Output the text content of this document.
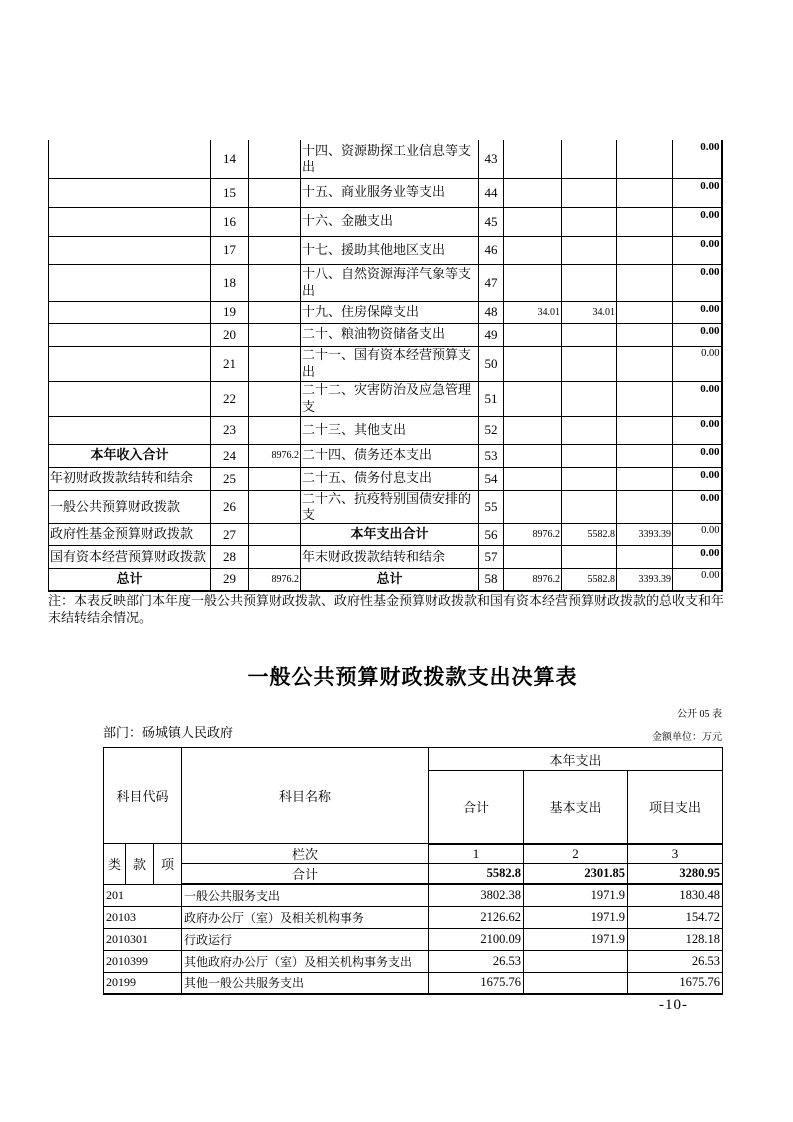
	14		十四、资源勘探工业信息等支出	43				0.00
	15		十五、商业服务业等支出	44				0.00
	16		十六、金融支出	45				0.00
	17		十七、援助其他地区支出	46				0.00
	18		十八、自然资源海洋气象等支出	47				0.00
	19		十九、住房保障支出	48	34.01	34.01		0.00
	20		二十、粮油物资储备支出	49				0.00
	21		二十一、国有资本经营预算支出	50				0.00
	22		二十二、灾害防治及应急管理支	51				0.00
	23		二十三、其他支出	52				0.00
本年收入合计	24	8976.2	二十四、债务还本支出	53				0.00
年初财政拨款结转和结余	25		二十五、债务付息支出	54				0.00
一般公共预算财政拨款	26		二十六、抗疫特别国债安排的支	55				0.00
政府性基金预算财政拨款	27		本年支出合计	56	8976.2	5582.8	3393.39	0.00
国有资本经营预算财政拨款	28		年末财政拨款结转和结余	57				0.00
总计	29	8976.2	总计	58	8976.2	5582.8	3393.39	0.00
注：本表反映部门本年度一般公共预算财政拨款、政府性基金预算财政拨款和国有资本经营预算财政拨款的总收支和年末结转结余情况。
一般公共预算财政拨款支出决算表
公开 05 表
部门：砀城镇人民政府	金额单位：万元
科目代码			科目名称	本年支出		
				合计	基本支出	项目支出
类	款	项	栏次	1	2	3
			合计	5582.8	2301.85	3280.95
201			一般公共服务支出	3802.38	1971.9	1830.48
20103			政府办公厅（室）及相关机构事务	2126.62	1971.9	154.72
2010301			行政运行	2100.09	1971.9	128.18
2010399			其他政府办公厅（室）及相关机构事务支出	26.53		26.53
20199			其他一般公共服务支出	1675.76		1675.76
-10-
